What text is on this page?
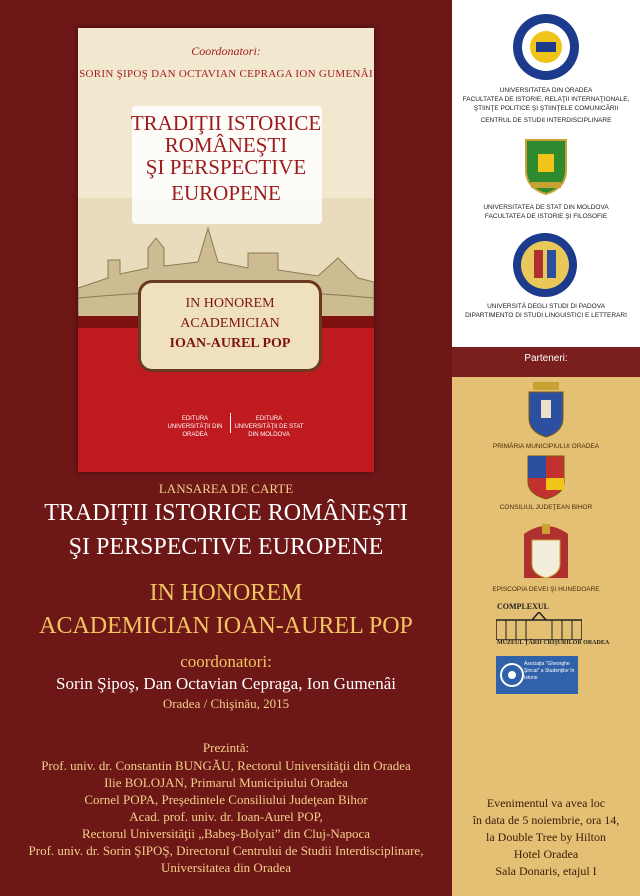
Coordonatori:
SORIN ŞIPOŞ DAN OCTAVIAN CEPRAGA ION GUMENÂI
TRADIŢII ISTORICE
ROMÂNEŞTI
ŞI PERSPECTIVE
EUROPENE
IN HONOREM
ACADEMICIAN
IOAN-AUREL POP
EDITURA UNIVERSITĂŢII DIN ORADEA
EDITURA UNIVERSITĂŢII DE STAT DIN MOLDOVA
LANSAREA DE CARTE
TRADIŢII ISTORICE ROMÂNEŞTI
ŞI PERSPECTIVE EUROPENE
IN HONOREM
ACADEMICIAN IOAN-AUREL POP
coordonatori:
Sorin Şipoş, Dan Octavian Cepraga, Ion Gumenâi
Oradea / Chişinău, 2015
Prezintă:
Prof. univ. dr. Constantin BUNGĂU, Rectorul Universităţii din Oradea
Ilie BOLOJAN, Primarul Municipiului Oradea
Cornel POPA, Preşedintele Consiliului Judeţean Bihor
Acad. prof. univ. dr. Ioan-Aurel POP,
Rectorul Universităţii „Babeş-Bolyai” din Cluj-Napoca
Prof. univ. dr. Sorin ŞIPOŞ, Directorul Centrului de Studii Interdisciplinare,
Universitatea din Oradea
UNIVERSITATEA DIN ORADEA
FACULTATEA DE ISTORIE, RELAŢII INTERNAŢIONALE,
ŞTIINŢE POLITICE ŞI ŞTIINŢELE COMUNICĂRII
CENTRUL DE STUDII INTERDISCIPLINARE
UNIVERSITATEA DE STAT DIN MOLDOVA
FACULTATEA DE ISTORIE ŞI FILOSOFIE
UNIVERSITÀ DEGLI STUDI DI PADOVA
DIPARTIMENTO DI STUDI LINGUISTICI E LETTERARI
Parteneri:
PRIMĂRIA MUNICIPIULUI ORADEA
CONSILIUL JUDEŢEAN BIHOR
EPISCOPIA DEVEI ŞI HUNEDOARE
COMPLEXUL
MUZEUL ŢĂRII CRIŞURILOR ORADEA
Asociaţia "Gheorghe Şincai" a Studenţilor în Istorie
Evenimentul va avea loc
în data de 5 noiembrie, ora 14,
la Double Tree by Hilton
Hotel Oradea
Sala Donaris, etajul I
